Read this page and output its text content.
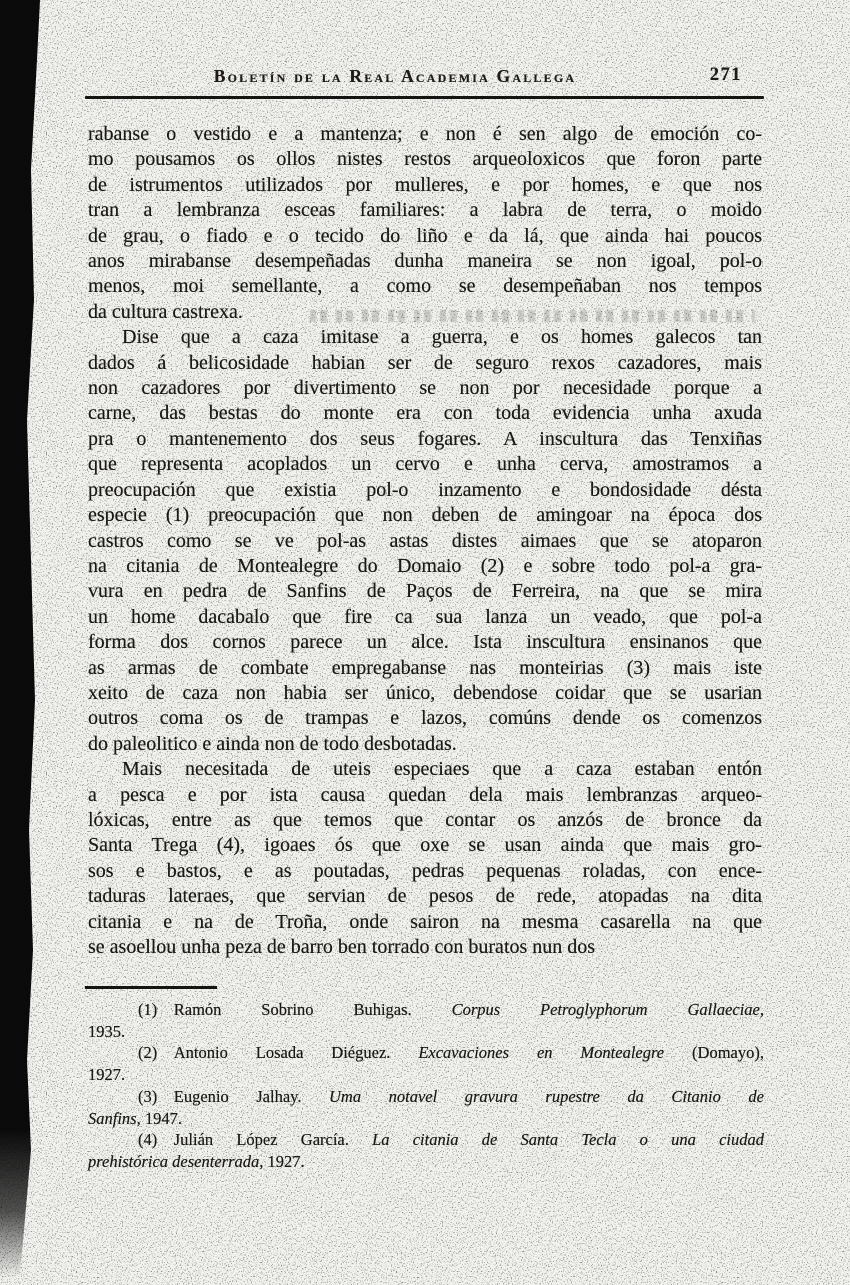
Boletín de la Real Academia Gallega	271
rabanse o vestido e a mantenza; e non é sen algo de emoción co-
mo pousamos os ollos nistes restos arqueoloxicos que foron parte
de istrumentos utilizados por mulleres, e por homes, e que nos
tran a lembranza esceas familiares: a labra de terra, o moido
de grau, o fiado e o tecido do liño e da lá, que ainda hai poucos
anos mirabanse desempeñadas dunha maneira se non igoal, pol-o
menos, moi semellante, a como se desempeñaban nos tempos
da cultura castrexa.
Dise que a caza imitase a guerra, e os homes galecos tan
dados á belicosidade habian ser de seguro rexos cazadores, mais
non cazadores por divertimento se non por necesidade porque a
carne, das bestas do monte era con toda evidencia unha axuda
pra o mantenemento dos seus fogares. A inscultura das Tenxiñas
que representa acoplados un cervo e unha cerva, amostramos a
preocupación que existia pol-o inzamento e bondosidade désta
especie (1) preocupación que non deben de amingoar na época dos
castros como se ve pol-as astas distes aimaes que se atoparon
na citania de Montealegre do Domaio (2) e sobre todo pol-a gra-
vura en pedra de Sanfins de Paços de Ferreira, na que se mira
un home dacabalo que fire ca sua lanza un veado, que pol-a
forma dos cornos parece un alce. Ista inscultura ensinanos que
as armas de combate empregabanse nas monteirias (3) mais iste
xeito de caza non habia ser único, debendose coidar que se usarian
outros coma os de trampas e lazos, comúns dende os comenzos
do paleolitico e ainda non de todo desbotadas.
Mais necesitada de uteis especiaes que a caza estaban entón
a pesca e por ista causa quedan dela mais lembranzas arqueo-
lóxicas, entre as que temos que contar os anzós de bronce da
Santa Trega (4), igoaes ós que oxe se usan ainda que mais gro-
sos e bastos, e as poutadas, pedras pequenas roladas, con ence-
taduras lateraes, que servian de pesos de rede, atopadas na dita
citania e na de Troña, onde sairon na mesma casarella na que
se asoellou unha peza de barro ben torrado con buratos nun dos
(1)  Ramón Sobrino Buhigas. Corpus Petroglyphorum Gallaeciae,
1935.
(2)  Antonio Losada Diéguez. Excavaciones en Montealegre (Domayo),
1927.
(3)  Eugenio Jalhay. Uma notavel gravura rupestre da Citanio de
Sanfins, 1947.
(4)  Julián López García. La citania de Santa Tecla o una ciudad
prehistórica desenterrada, 1927.
